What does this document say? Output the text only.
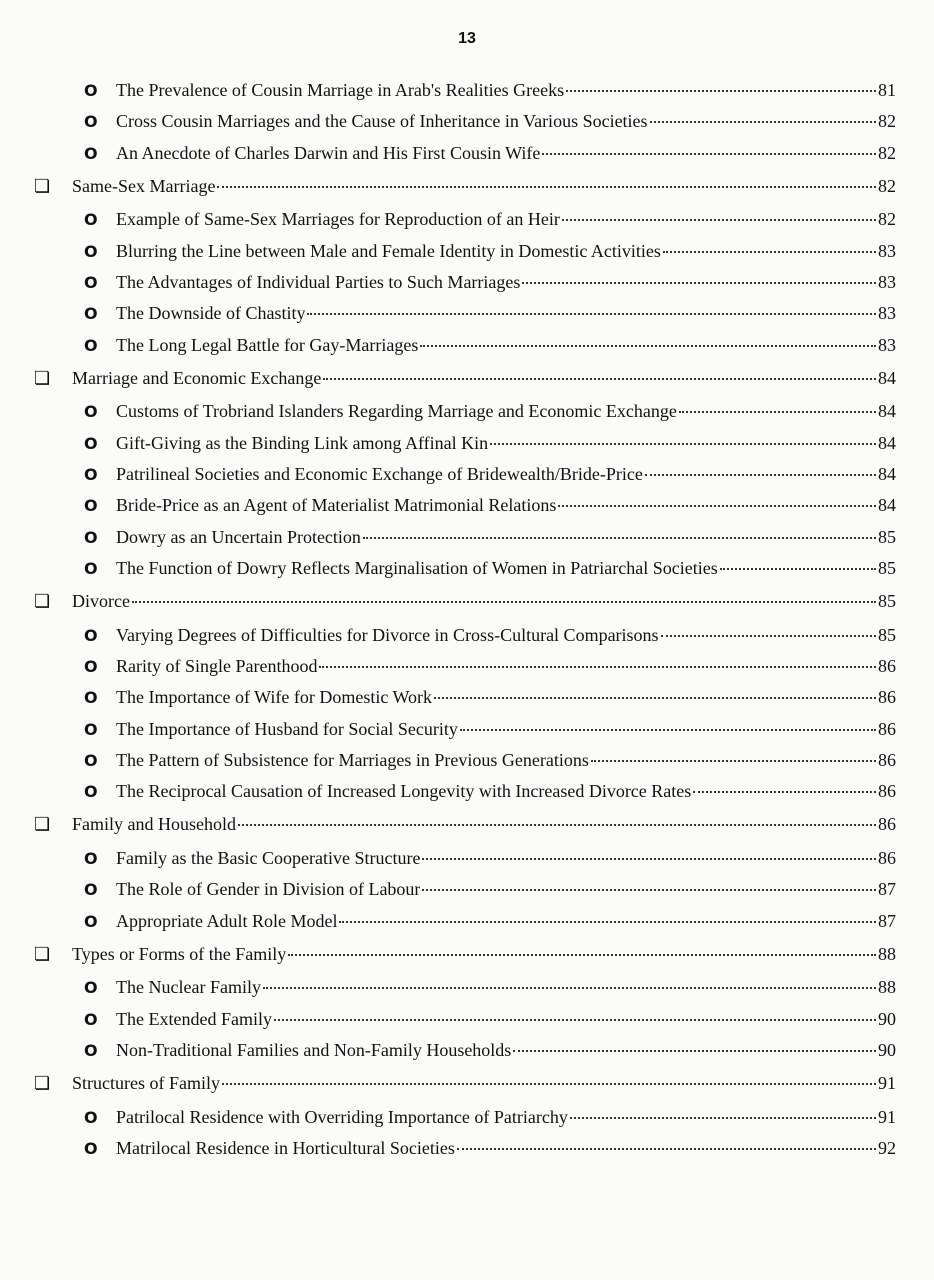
13
O	The Prevalence of Cousin Marriage in Arab's Realities Greeks	81
O	Cross Cousin Marriages and the Cause of Inheritance in Various Societies	82
O	An Anecdote of Charles Darwin and His First Cousin Wife	82
❏	Same-Sex Marriage	82
O	Example of Same-Sex Marriages for Reproduction of an Heir	82
O	Blurring the Line between Male and Female Identity in Domestic Activities	83
O	The Advantages of Individual Parties to Such Marriages	83
O	The Downside of Chastity	83
O	The Long Legal Battle for Gay-Marriages	83
❏	Marriage and Economic Exchange	84
O	Customs of Trobriand Islanders Regarding Marriage and Economic Exchange	84
O	Gift-Giving as the Binding Link among Affinal Kin	84
O	Patrilineal Societies and Economic Exchange of Bridewealth/Bride-Price	84
O	Bride-Price as an Agent of Materialist Matrimonial Relations	84
O	Dowry as an Uncertain Protection	85
O	The Function of Dowry Reflects Marginalisation of Women in Patriarchal Societies	85
❏	Divorce	85
O	Varying Degrees of Difficulties for Divorce in Cross-Cultural Comparisons	85
O	Rarity of Single Parenthood	86
O	The Importance of Wife for Domestic Work	86
O	The Importance of Husband for Social Security	86
O	The Pattern of Subsistence for Marriages in Previous Generations	86
O	The Reciprocal Causation of Increased Longevity with Increased Divorce Rates	86
❏	Family and Household	86
O	Family as the Basic Cooperative Structure	86
O	The Role of Gender in Division of Labour	87
O	Appropriate Adult Role Model	87
❏	Types or Forms of the Family	88
O	The Nuclear Family	88
O	The Extended Family	90
O	Non-Traditional Families and Non-Family Households	90
❏	Structures of Family	91
O	Patrilocal Residence with Overriding Importance of Patriarchy	91
O	Matrilocal Residence in Horticultural Societies	92
